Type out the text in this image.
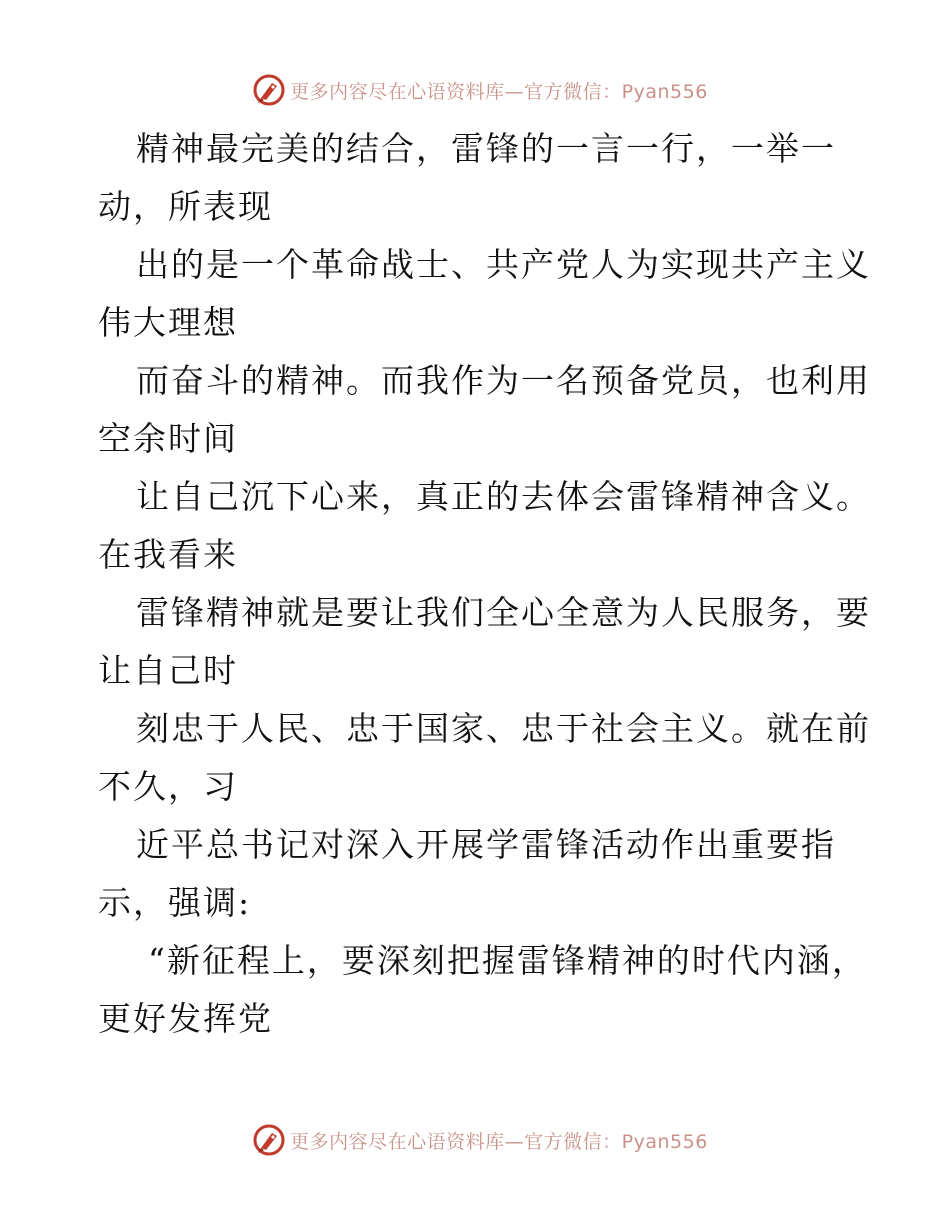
更多内容尽在心语资料库—官方微信：Pyan556
精神最完美的结合，雷锋的一言一行，一举一
动，所表现
出的是一个革命战士、共产党人为实现共产主义
伟大理想
而奋斗的精神。而我作为一名预备党员，也利用
空余时间
让自己沉下心来，真正的去体会雷锋精神含义。
在我看来
雷锋精神就是要让我们全心全意为人民服务，要
让自己时
刻忠于人民、忠于国家、忠于社会主义。就在前
不久，习
近平总书记对深入开展学雷锋活动作出重要指
示，强调:
“新征程上，要深刻把握雷锋精神的时代内涵，
更好发挥党
更多内容尽在心语资料库—官方微信：Pyan556
